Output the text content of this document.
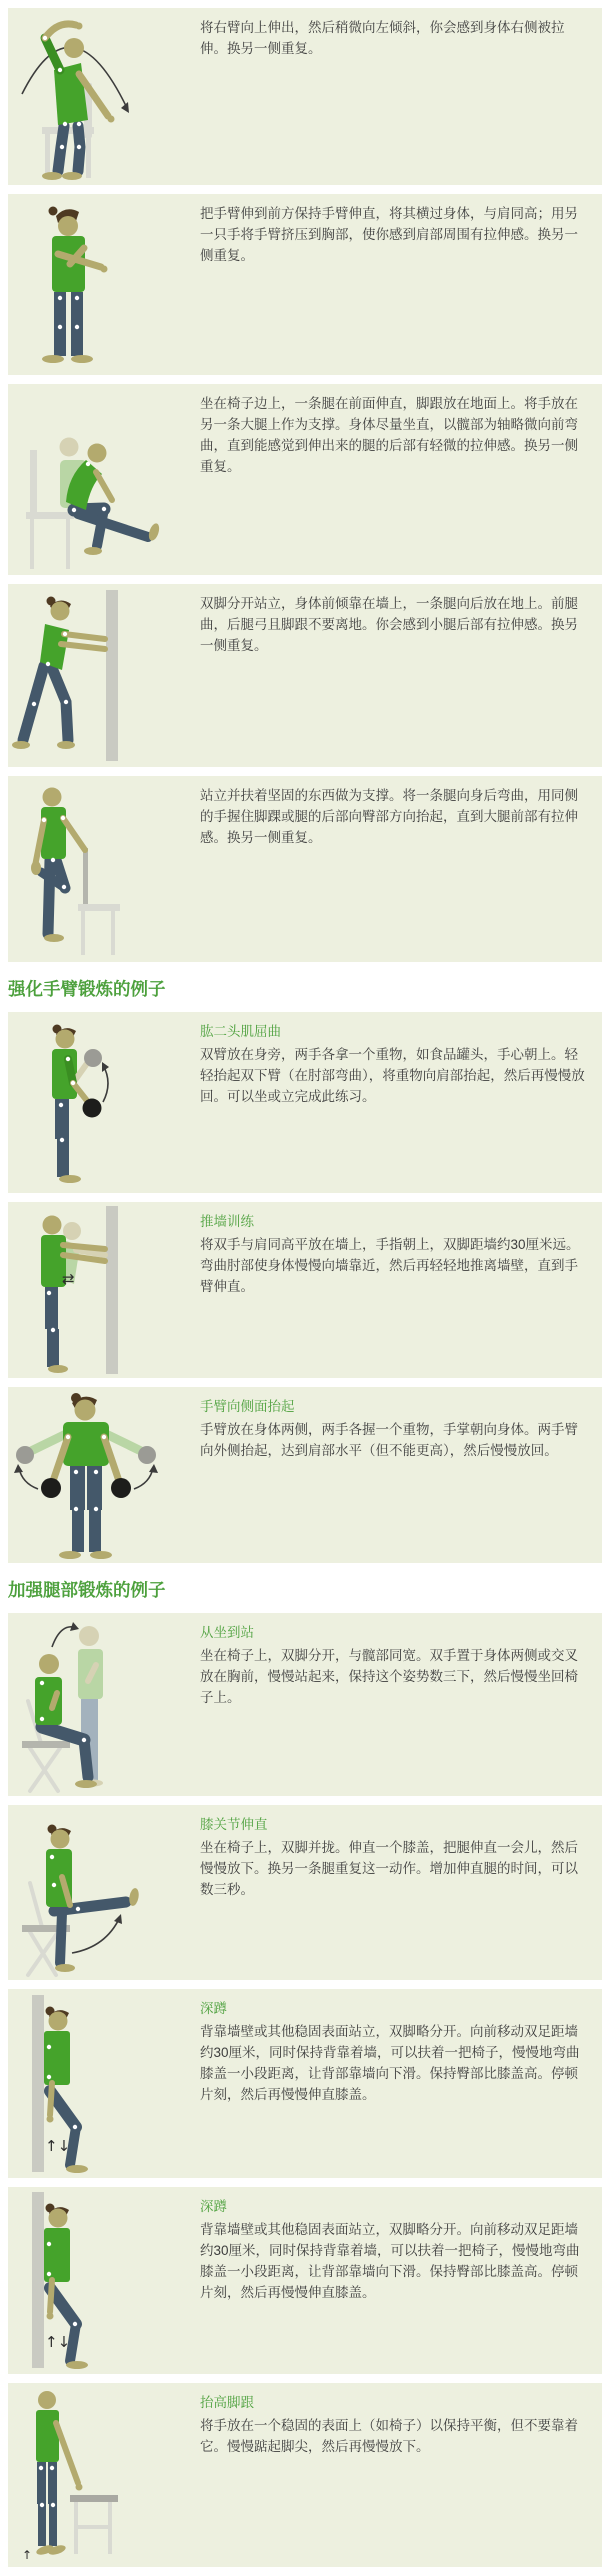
将右臂向上伸出，然后稍微向左倾斜，你会感到身体右侧被拉伸。换另一侧重复。

把手臂伸到前方保持手臂伸直，将其横过身体，与肩同高；用另一只手将手臂挤压到胸部，使你感到肩部周围有拉伸感。换另一侧重复。

坐在椅子边上，一条腿在前面伸直，脚跟放在地面上。将手放在另一条大腿上作为支撑。身体尽量坐直，以髋部为轴略微向前弯曲，直到能感觉到伸出来的腿的后部有轻微的拉伸感。换另一侧重复。

双脚分开站立，身体前倾靠在墙上，一条腿向后放在地上。前腿曲，后腿弓且脚跟不要离地。你会感到小腿后部有拉伸感。换另一侧重复。

站立并扶着坚固的东西做为支撑。将一条腿向身后弯曲，用同侧的手握住脚踝或腿的后部向臀部方向抬起，直到大腿前部有拉伸感。换另一侧重复。

强化手臂锻炼的例子
肱二头肌屈曲

双臂放在身旁，两手各拿一个重物，如食品罐头，手心朝上。轻轻抬起双下臂（在肘部弯曲），将重物向肩部抬起，然后再慢慢放回。可以坐或立完成此练习。

⇄
推墙训练

将双手与肩同高平放在墙上，手指朝上，双脚距墙约30厘米远。弯曲肘部使身体慢慢向墙靠近，然后再轻轻地推离墙壁，直到手臂伸直。

手臂向侧面抬起

手臂放在身体两侧，两手各握一个重物，手掌朝向身体。两手臂向外侧抬起，达到肩部水平（但不能更高），然后慢慢放回。

加强腿部锻炼的例子
从坐到站

坐在椅子上，双脚分开，与髋部同宽。双手置于身体两侧或交叉放在胸前，慢慢站起来，保持这个姿势数三下，然后慢慢坐回椅子上。

膝关节伸直

坐在椅子上，双脚并拢。伸直一个膝盖，把腿伸直一会儿，然后慢慢放下。换另一条腿重复这一动作。增加伸直腿的时间，可以数三秒。

↑↓
深蹲

背靠墙壁或其他稳固表面站立，双脚略分开。向前移动双足距墙约30厘米，同时保持背靠着墙，可以扶着一把椅子，慢慢地弯曲膝盖一小段距离，让背部靠墙向下滑。保持臀部比膝盖高。停顿片刻，然后再慢慢伸直膝盖。

↑↓
深蹲

背靠墙壁或其他稳固表面站立，双脚略分开。向前移动双足距墙约30厘米，同时保持背靠着墙，可以扶着一把椅子，慢慢地弯曲膝盖一小段距离，让背部靠墙向下滑。保持臀部比膝盖高。停顿片刻，然后再慢慢伸直膝盖。

↑
抬高脚跟

将手放在一个稳固的表面上（如椅子）以保持平衡，但不要靠着它。慢慢踮起脚尖，然后再慢慢放下。
